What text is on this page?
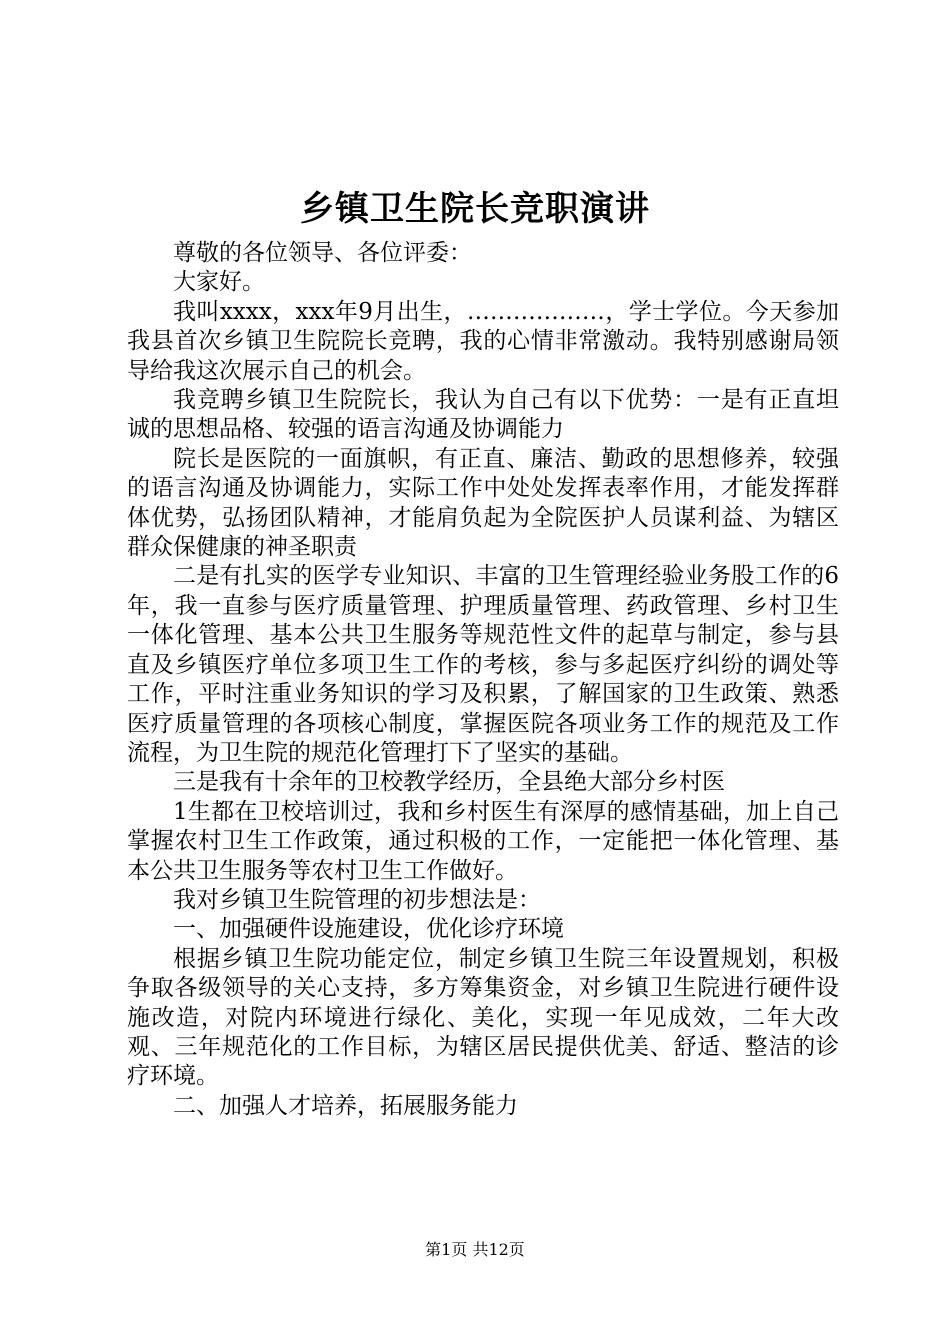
乡镇卫生院长竞职演讲

尊敬的各位领导、各位评委：

大家好。

我叫xxxx，xxx年9月出生，………………，学士学位。今天参加我县首次乡镇卫生院院长竞聘，我的心情非常激动。我特别感谢局领导给我这次展示自己的机会。

我竞聘乡镇卫生院院长，我认为自己有以下优势：一是有正直坦诚的思想品格、较强的语言沟通及协调能力

院长是医院的一面旗帜，有正直、廉洁、勤政的思想修养，较强的语言沟通及协调能力，实际工作中处处发挥表率作用，才能发挥群体优势，弘扬团队精神，才能肩负起为全院医护人员谋利益、为辖区群众保健康的神圣职责

二是有扎实的医学专业知识、丰富的卫生管理经验业务股工作的6年，我一直参与医疗质量管理、护理质量管理、药政管理、乡村卫生一体化管理、基本公共卫生服务等规范性文件的起草与制定，参与县直及乡镇医疗单位多项卫生工作的考核，参与多起医疗纠纷的调处等工作，平时注重业务知识的学习及积累，了解国家的卫生政策、熟悉医疗质量管理的各项核心制度，掌握医院各项业务工作的规范及工作流程，为卫生院的规范化管理打下了坚实的基础。

三是我有十余年的卫校教学经历，全县绝大部分乡村医

1生都在卫校培训过，我和乡村医生有深厚的感情基础，加上自己掌握农村卫生工作政策，通过积极的工作，一定能把一体化管理、基本公共卫生服务等农村卫生工作做好。

我对乡镇卫生院管理的初步想法是：

一、加强硬件设施建设，优化诊疗环境

根据乡镇卫生院功能定位，制定乡镇卫生院三年设置规划，积极争取各级领导的关心支持，多方筹集资金，对乡镇卫生院进行硬件设施改造，对院内环境进行绿化、美化，实现一年见成效，二年大改观、三年规范化的工作目标，为辖区居民提供优美、舒适、整洁的诊疗环境。

二、加强人才培养，拓展服务能力

第1页 共12页
